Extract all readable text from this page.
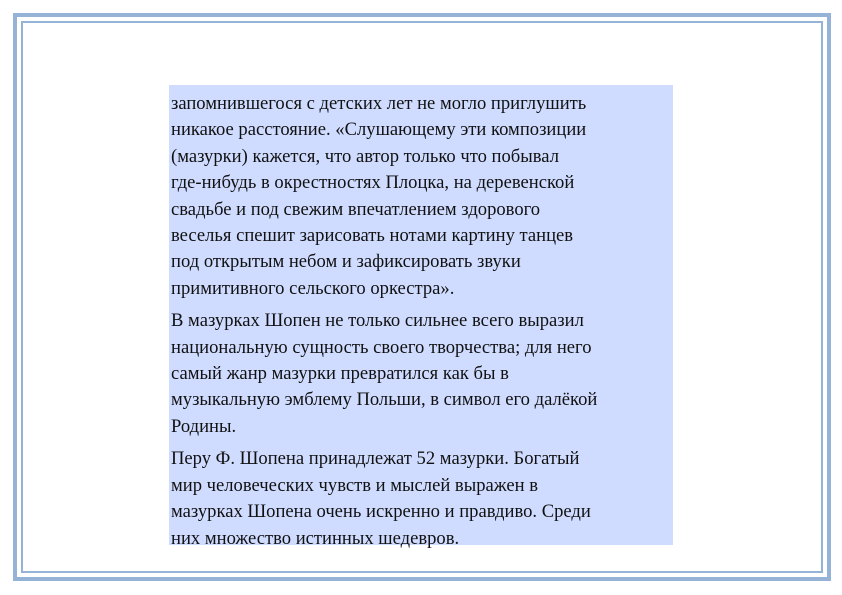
запомнившегося с детских лет не могло приглушить
никакое расстояние. «Слушающему эти композиции
(мазурки) кажется, что автор только что побывал
где-нибудь в окрестностях Плоцка, на деревенской
свадьбе и под свежим впечатлением здорового
веселья спешит зарисовать нотами картину танцев
под открытым небом и зафиксировать звуки
примитивного сельского оркестра».

В мазурках Шопен не только сильнее всего выразил
национальную сущность своего творчества; для него
самый жанр мазурки превратился как бы в
музыкальную эмблему Польши, в символ его далёкой
Родины.

Перу Ф. Шопена принадлежат 52 мазурки. Богатый
мир человеческих чувств и мыслей выражен в
мазурках Шопена очень искренно и правдиво. Среди
них множество истинных шедевров.
